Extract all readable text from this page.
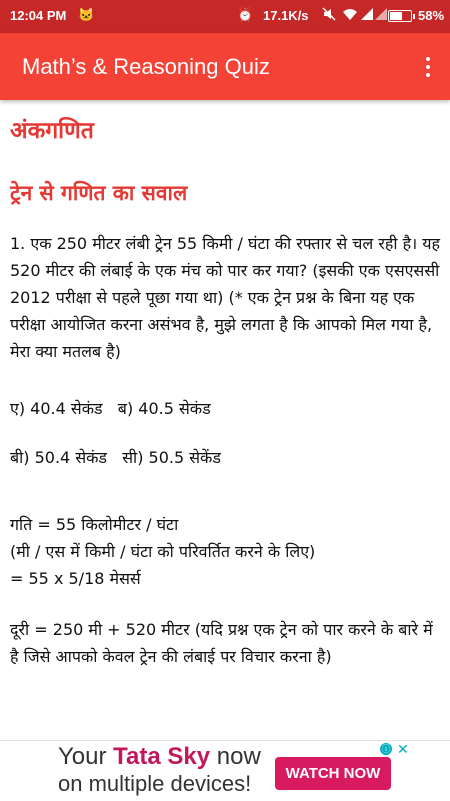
12:04 PM 🐱	⏰ 17.1K/s	58%
Math’s & Reasoning Quiz
अंकगणित
ट्रेन से गणित का सवाल

1. एक 250 मीटर लंबी ट्रेन 55 किमी / घंटा की रफ्तार से चल रही है। यह 520 मीटर की लंबाई के एक मंच को पार कर गया? (इसकी एक एसएससी 2012 परीक्षा से पहले पूछा गया था) (* एक ट्रेन प्रश्न के बिना यह एक परीक्षा आयोजित करना असंभव है, मुझे लगता है कि आपको मिल गया है, मेरा क्या मतलब है)

ए) 40.4 सेकंड   ब) 40.5 सेकंड

बी) 50.4 सेकंड   सी) 50.5 सेकेंड

गति = 55 किलोमीटर / घंटा

(मी / एस में किमी / घंटा को परिवर्तित करने के लिए)

= 55 x 5/18 मेसर्स

दूरी = 250 मी + 520 मीटर (यदि प्रश्न एक ट्रेन को पार करने के बारे में है जिसे आपको केवल ट्रेन की लंबाई पर विचार करना है)

Your Tata Sky now
on multiple devices!	WATCH NOW
ⓘ ✕
